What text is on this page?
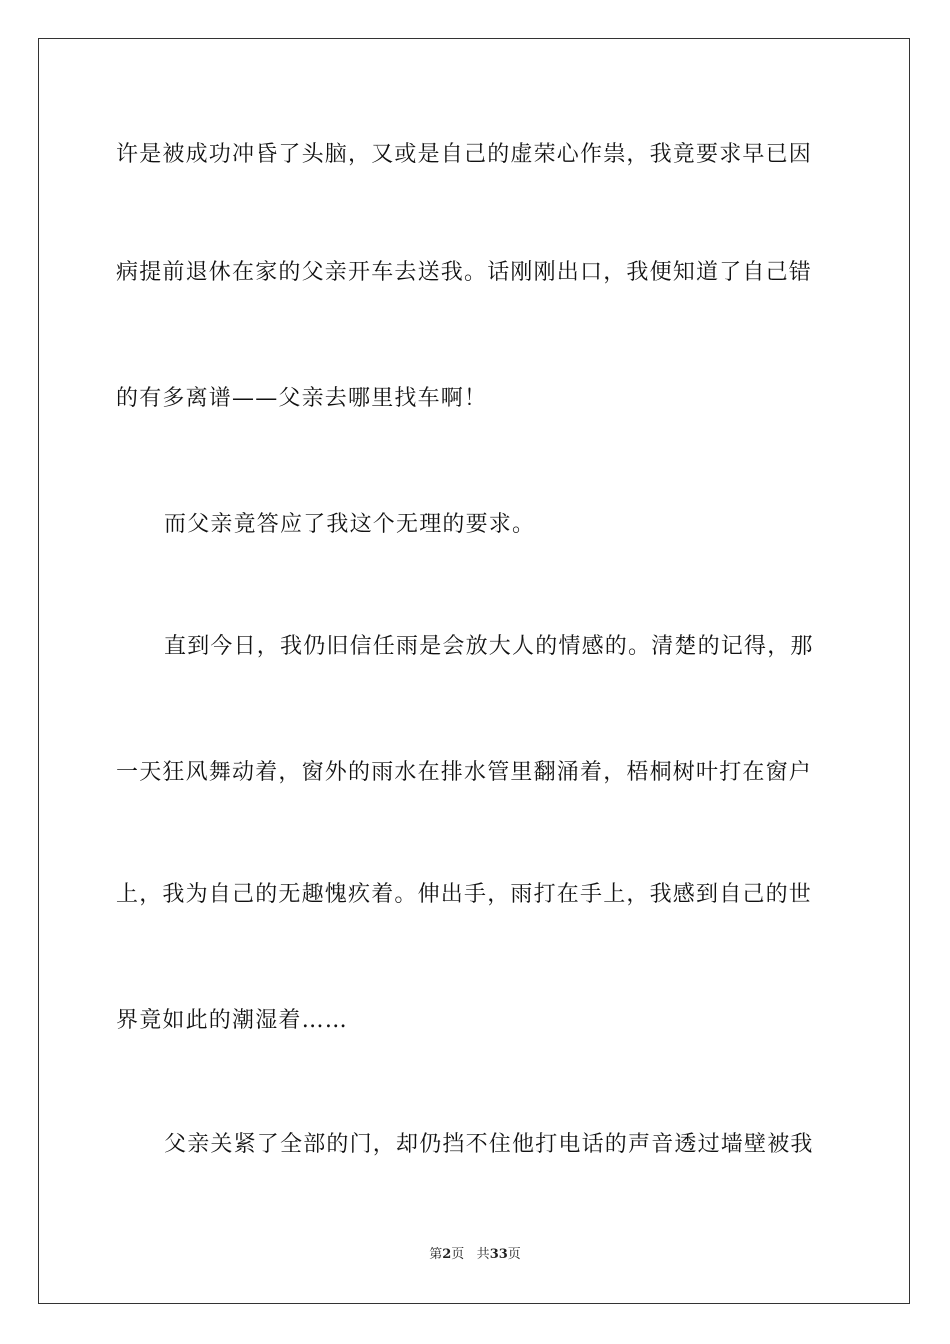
许是被成功冲昏了头脑，又或是自己的虚荣心作祟，我竟要求早已因
病提前退休在家的父亲开车去送我。话刚刚出口，我便知道了自己错
的有多离谱——父亲去哪里找车啊！
而父亲竟答应了我这个无理的要求。
直到今日，我仍旧信任雨是会放大人的情感的。清楚的记得，那
一天狂风舞动着，窗外的雨水在排水管里翻涌着，梧桐树叶打在窗户
上，我为自己的无趣愧疚着。伸出手，雨打在手上，我感到自己的世
界竟如此的潮湿着……
父亲关紧了全部的门，却仍挡不住他打电话的声音透过墙壁被我
第2页 共33页
